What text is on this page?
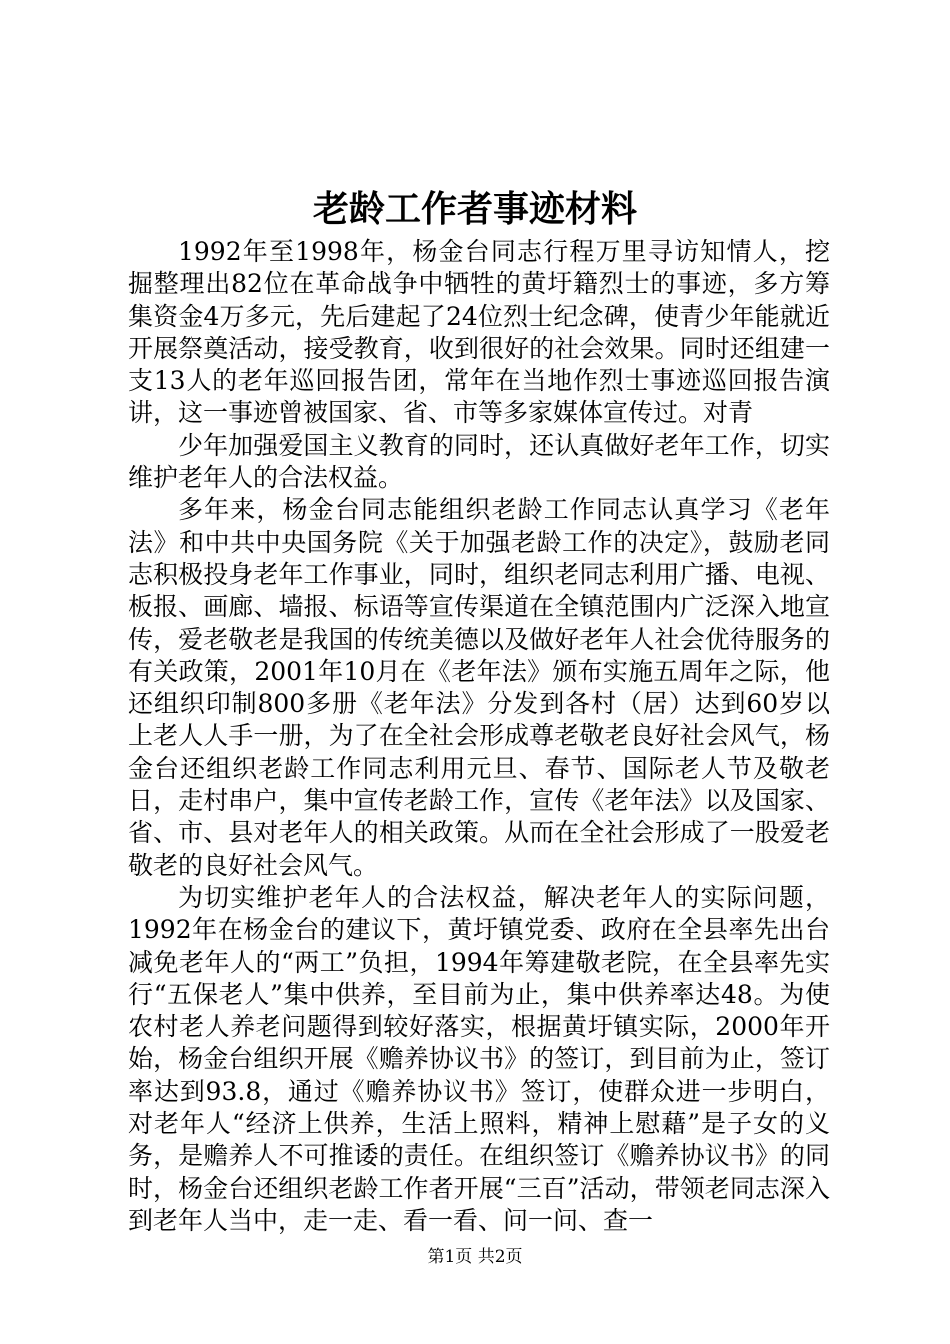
老龄工作者事迹材料

1992年至1998年，杨金台同志行程万里寻访知情人，挖掘整理出82位在革命战争中牺牲的黄圩籍烈士的事迹，多方筹集资金4万多元，先后建起了24位烈士纪念碑，使青少年能就近开展祭奠活动，接受教育，收到很好的社会效果。同时还组建一支13人的老年巡回报告团，常年在当地作烈士事迹巡回报告演讲，这一事迹曾被国家、省、市等多家媒体宣传过。对青

少年加强爱国主义教育的同时，还认真做好老年工作，切实维护老年人的合法权益。

多年来，杨金台同志能组织老龄工作同志认真学习《老年法》和中共中央国务院《关于加强老龄工作的决定》，鼓励老同志积极投身老年工作事业，同时，组织老同志利用广播、电视、板报、画廊、墙报、标语等宣传渠道在全镇范围内广泛深入地宣传，爱老敬老是我国的传统美德以及做好老年人社会优待服务的有关政策，2001年10月在《老年法》颁布实施五周年之际，他还组织印制800多册《老年法》分发到各村（居）达到60岁以上老人人手一册，为了在全社会形成尊老敬老良好社会风气，杨金台还组织老龄工作同志利用元旦、春节、国际老人节及敬老日，走村串户，集中宣传老龄工作，宣传《老年法》以及国家、省、市、县对老年人的相关政策。从而在全社会形成了一股爱老敬老的良好社会风气。

为切实维护老年人的合法权益，解决老年人的实际问题，1992年在杨金台的建议下，黄圩镇党委、政府在全县率先出台减免老年人的“两工”负担，1994年筹建敬老院，在全县率先实行“五保老人”集中供养，至目前为止，集中供养率达48。为使农村老人养老问题得到较好落实，根据黄圩镇实际，2000年开始，杨金台组织开展《赡养协议书》的签订，到目前为止，签订率达到93.8，通过《赡养协议书》签订，使群众进一步明白，对老年人“经济上供养，生活上照料，精神上慰藉”是子女的义务，是赡养人不可推诿的责任。在组织签订《赡养协议书》的同时，杨金台还组织老龄工作者开展“三百”活动，带领老同志深入到老年人当中，走一走、看一看、问一问、查一

第1页 共2页
